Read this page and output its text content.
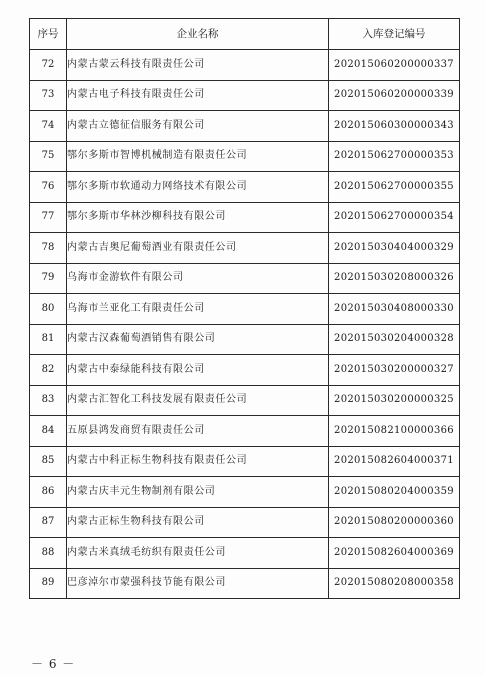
序号	企业名称	入库登记编号
72	内蒙古蒙云科技有限责任公司	202015060200000337
73	内蒙古电子科技有限责任公司	202015060200000339
74	内蒙古立德征信服务有限公司	202015060300000343
75	鄂尔多斯市智博机械制造有限责任公司	202015062700000353
76	鄂尔多斯市软通动力网络技术有限公司	202015062700000355
77	鄂尔多斯市华林沙柳科技有限公司	202015062700000354
78	内蒙古吉奥尼葡萄酒业有限责任公司	202015030404000329
79	乌海市金游软件有限公司	202015030208000326
80	乌海市兰亚化工有限责任公司	202015030408000330
81	内蒙古汉森葡萄酒销售有限公司	202015030204000328
82	内蒙古中泰绿能科技有限公司	202015030200000327
83	内蒙古汇智化工科技发展有限责任公司	202015030200000325
84	五原县鸿发商贸有限责任公司	202015082100000366
85	内蒙古中科正标生物科技有限责任公司	202015082604000371
86	内蒙古庆丰元生物制剂有限公司	202015080204000359
87	内蒙古正标生物科技有限公司	202015080200000360
88	内蒙古米真绒毛纺织有限责任公司	202015082604000369
89	巴彦淖尔市蒙强科技节能有限公司	202015080208000358
－ 6 －
